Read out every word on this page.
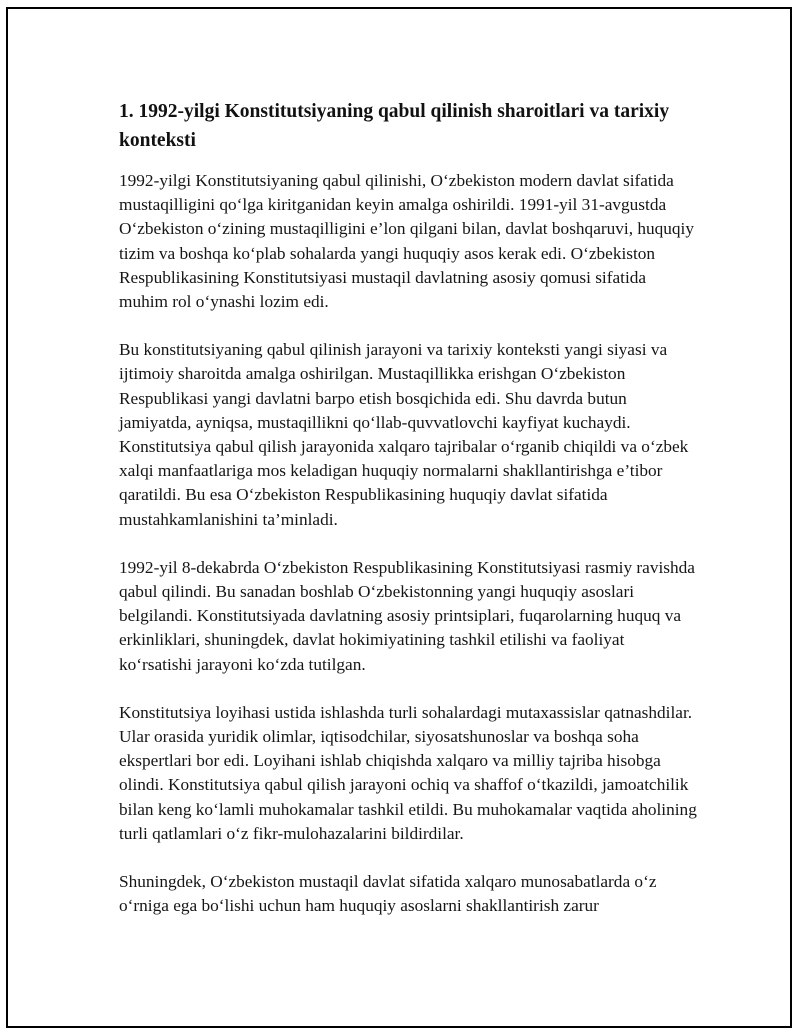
1. 1992-yilgi Konstitutsiyaning qabul qilinish sharoitlari va tarixiy konteksti

1992-yilgi Konstitutsiyaning qabul qilinishi, O‘zbekiston modern davlat sifatida mustaqilligini qo‘lga kiritganidan keyin amalga oshirildi. 1991-yil 31-avgustda O‘zbekiston o‘zining mustaqilligini e’lon qilgani bilan, davlat boshqaruvi, huquqiy tizim va boshqa ko‘plab sohalarda yangi huquqiy asos kerak edi. O‘zbekiston Respublikasining Konstitutsiyasi mustaqil davlatning asosiy qomusi sifatida muhim rol o‘ynashi lozim edi.

Bu konstitutsiyaning qabul qilinish jarayoni va tarixiy konteksti yangi siyasi va ijtimoiy sharoitda amalga oshirilgan. Mustaqillikka erishgan O‘zbekiston Respublikasi yangi davlatni barpo etish bosqichida edi. Shu davrda butun jamiyatda, ayniqsa, mustaqillikni qo‘llab-quvvatlovchi kayfiyat kuchaydi. Konstitutsiya qabul qilish jarayonida xalqaro tajribalar o‘rganib chiqildi va o‘zbek xalqi manfaatlariga mos keladigan huquqiy normalarni shakllantirishga e’tibor qaratildi. Bu esa O‘zbekiston Respublikasining huquqiy davlat sifatida mustahkamlanishini ta’minladi.

1992-yil 8-dekabrda O‘zbekiston Respublikasining Konstitutsiyasi rasmiy ravishda qabul qilindi. Bu sanadan boshlab O‘zbekistonning yangi huquqiy asoslari belgilandi. Konstitutsiyada davlatning asosiy printsiplari, fuqarolarning huquq va erkinliklari, shuningdek, davlat hokimiyatining tashkil etilishi va faoliyat ko‘rsatishi jarayoni ko‘zda tutilgan.

Konstitutsiya loyihasi ustida ishlashda turli sohalardagi mutaxassislar qatnashdilar. Ular orasida yuridik olimlar, iqtisodchilar, siyosatshunoslar va boshqa soha ekspertlari bor edi. Loyihani ishlab chiqishda xalqaro va milliy tajriba hisobga olindi. Konstitutsiya qabul qilish jarayoni ochiq va shaffof o‘tkazildi, jamoatchilik bilan keng ko‘lamli muhokamalar tashkil etildi. Bu muhokamalar vaqtida aholining turli qatlamlari o‘z fikr-mulohazalarini bildirdilar.

Shuningdek, O‘zbekiston mustaqil davlat sifatida xalqaro munosabatlarda o‘z o‘rniga ega bo‘lishi uchun ham huquqiy asoslarni shakllantirish zarur
